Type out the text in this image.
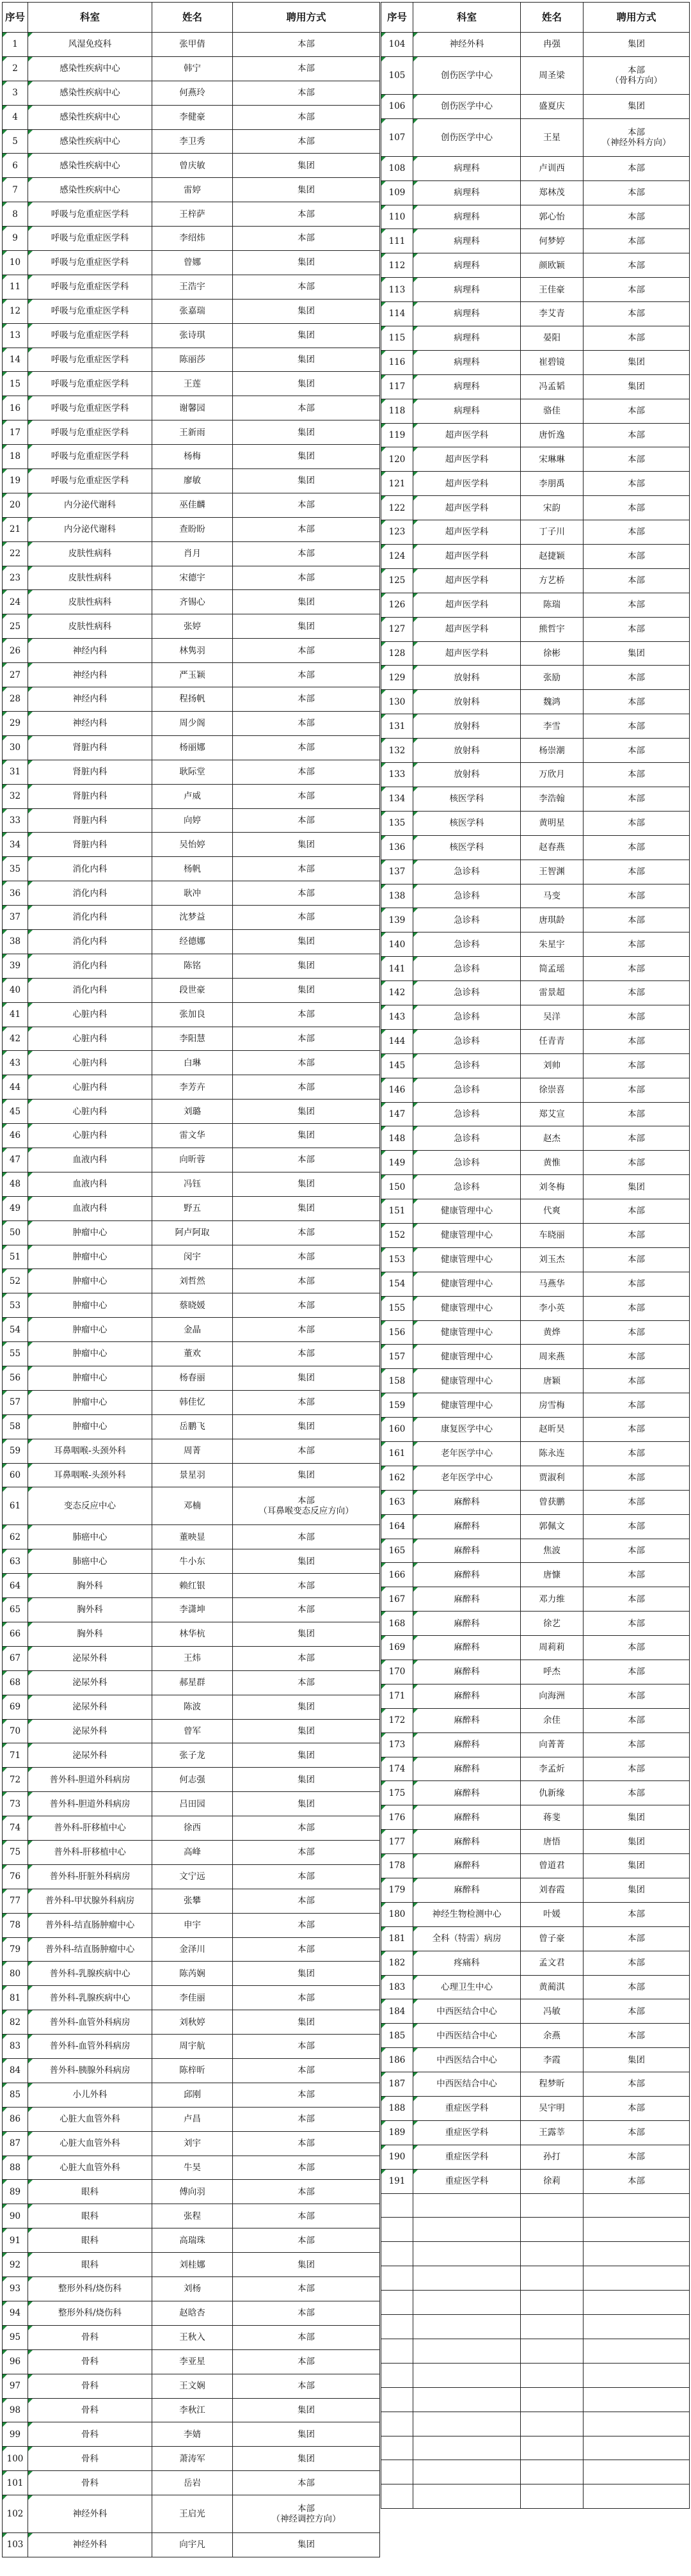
序号	科室	姓名	聘用方式
1	风湿免疫科	张甲倩	本部
2	感染性疾病中心	韩宁	本部
3	感染性疾病中心	何燕玲	本部
4	感染性疾病中心	李健豪	本部
5	感染性疾病中心	李卫秀	本部
6	感染性疾病中心	曾庆敏	集团
7	感染性疾病中心	雷婷	集团
8	呼吸与危重症医学科	王梓萨	本部
9	呼吸与危重症医学科	李绍炜	本部
10	呼吸与危重症医学科	曾娜	集团
11	呼吸与危重症医学科	王浩宇	本部
12	呼吸与危重症医学科	张嘉瑞	集团
13	呼吸与危重症医学科	张诗琪	集团
14	呼吸与危重症医学科	陈丽莎	集团
15	呼吸与危重症医学科	王莲	集团
16	呼吸与危重症医学科	谢馨园	本部
17	呼吸与危重症医学科	王新雨	集团
18	呼吸与危重症医学科	杨梅	集团
19	呼吸与危重症医学科	廖敏	集团
20	内分泌代谢科	巫佳麟	本部
21	内分泌代谢科	查盼盼	本部
22	皮肤性病科	肖月	本部
23	皮肤性病科	宋德宇	本部
24	皮肤性病科	齐锡心	集团
25	皮肤性病科	张婷	集团
26	神经内科	林隽羽	本部
27	神经内科	严玉颖	本部
28	神经内科	程扬帆	本部
29	神经内科	周少阁	本部
30	肾脏内科	杨丽娜	本部
31	肾脏内科	耿际堂	本部
32	肾脏内科	卢威	本部
33	肾脏内科	向婷	本部
34	肾脏内科	吴怡婷	集团
35	消化内科	杨帆	本部
36	消化内科	耿冲	本部
37	消化内科	沈梦益	本部
38	消化内科	经德娜	集团
39	消化内科	陈铭	集团
40	消化内科	段世豪	集团
41	心脏内科	张加良	本部
42	心脏内科	李阳慧	本部
43	心脏内科	白琳	本部
44	心脏内科	李芳卉	本部
45	心脏内科	刘璐	集团
46	心脏内科	雷文华	集团
47	血液内科	向昕蓉	本部
48	血液内科	冯钰	集团
49	血液内科	野五	集团
50	肿瘤中心	阿卢阿取	本部
51	肿瘤中心	闵宇	本部
52	肿瘤中心	刘哲然	本部
53	肿瘤中心	蔡晓媛	本部
54	肿瘤中心	金晶	本部
55	肿瘤中心	董欢	本部
56	肿瘤中心	杨春丽	集团
57	肿瘤中心	韩佳忆	本部
58	肿瘤中心	岳鹏飞	集团
59	耳鼻咽喉-头颈外科	周菁	本部
60	耳鼻咽喉-头颈外科	景星羽	集团
61	变态反应中心	邓楠	本部
（耳鼻喉变态反应方向）

62	肺癌中心	董映显	本部
63	肺癌中心	牛小东	集团
64	胸外科	赖红银	本部
65	胸外科	李潇坤	本部
66	胸外科	林华杭	集团
67	泌尿外科	王炜	本部
68	泌尿外科	郝星群	本部
69	泌尿外科	陈波	集团
70	泌尿外科	曾军	集团
71	泌尿外科	张子龙	集团
72	普外科-胆道外科病房	何志强	集团
73	普外科-胆道外科病房	吕田园	集团
74	普外科-肝移植中心	徐西	本部
75	普外科-肝移植中心	高峰	本部
76	普外科-肝脏外科病房	文宁远	本部
77	普外科-甲状腺外科病房	张攀	本部
78	普外科-结直肠肿瘤中心	申宇	本部
79	普外科-结直肠肿瘤中心	金泽川	本部
80	普外科-乳腺疾病中心	陈芮娴	集团
81	普外科-乳腺疾病中心	李佳丽	本部
82	普外科-血管外科病房	刘秋婷	集团
83	普外科-血管外科病房	周宇航	本部
84	普外科-胰腺外科病房	陈梓昕	本部
85	小儿外科	邱刚	本部
86	心脏大血管外科	卢昌	本部
87	心脏大血管外科	刘宇	本部
88	心脏大血管外科	牛昊	本部
89	眼科	傅向羽	本部
90	眼科	张程	本部
91	眼科	高瑞珠	本部
92	眼科	刘桂娜	集团
93	整形外科/烧伤科	刘杨	本部
94	整形外科/烧伤科	赵晗杏	本部
95	骨科	王秋入	本部
96	骨科	李亚星	本部
97	骨科	王文娴	本部
98	骨科	李秋江	集团
99	骨科	李婧	集团
100	骨科	萧涛军	集团
101	骨科	岳岩	本部
102	神经外科	王启光	本部
（神经调控方向）

103	神经外科	向宇凡	集团
序号	科室	姓名	聘用方式
104	神经外科	冉强	集团
105	创伤医学中心	周圣梁	本部
（骨科方向）

106	创伤医学中心	盛夏庆	集团
107	创伤医学中心	王星	本部
（神经外科方向）

108	病理科	卢训西	本部
109	病理科	郑林茂	本部
110	病理科	郭心怡	本部
111	病理科	何梦婷	本部
112	病理科	颜欧颖	本部
113	病理科	王佳豪	本部
114	病理科	李艾青	本部
115	病理科	晏阳	本部
116	病理科	崔碧镜	集团
117	病理科	冯孟韬	集团
118	病理科	骆佳	本部
119	超声医学科	唐忻逸	本部
120	超声医学科	宋琳琳	本部
121	超声医学科	李朋禹	本部
122	超声医学科	宋韵	本部
123	超声医学科	丁子川	本部
124	超声医学科	赵捷颖	本部
125	超声医学科	方艺桥	本部
126	超声医学科	陈瑞	本部
127	超声医学科	熊哲宇	本部
128	超声医学科	徐彬	集团
129	放射科	张励	本部
130	放射科	魏鸿	本部
131	放射科	李雪	本部
132	放射科	杨崇潮	本部
133	放射科	万欣月	本部
134	核医学科	李浩翰	本部
135	核医学科	黄明星	本部
136	核医学科	赵春燕	本部
137	急诊科	王智渊	本部
138	急诊科	马变	本部
139	急诊科	唐琪龄	本部
140	急诊科	朱星宇	本部
141	急诊科	简孟瑶	本部
142	急诊科	雷景超	本部
143	急诊科	吴洋	本部
144	急诊科	任青青	本部
145	急诊科	刘帅	本部
146	急诊科	徐崇喜	本部
147	急诊科	郑艾宣	本部
148	急诊科	赵杰	本部
149	急诊科	黄惟	本部
150	急诊科	刘冬梅	集团
151	健康管理中心	代爽	本部
152	健康管理中心	车晓丽	本部
153	健康管理中心	刘玉杰	本部
154	健康管理中心	马燕华	本部
155	健康管理中心	李小英	本部
156	健康管理中心	黄烨	本部
157	健康管理中心	周来燕	本部
158	健康管理中心	唐颖	本部
159	健康管理中心	房雪梅	本部
160	康复医学中心	赵昕昊	本部
161	老年医学中心	陈永连	本部
162	老年医学中心	贾淑利	本部
163	麻醉科	曾获鹏	本部
164	麻醉科	郭佩文	本部
165	麻醉科	焦波	本部
166	麻醉科	唐慷	本部
167	麻醉科	邓力维	本部
168	麻醉科	徐艺	本部
169	麻醉科	周莉莉	本部
170	麻醉科	呼杰	本部
171	麻醉科	向海洲	本部
172	麻醉科	余佳	本部
173	麻醉科	向菁菁	本部
174	麻醉科	李孟炘	本部
175	麻醉科	仇新缘	本部
176	麻醉科	蒋斐	集团
177	麻醉科	唐悟	集团
178	麻醉科	曾道君	集团
179	麻醉科	刘春霞	集团
180	神经生物检测中心	叶媛	本部
181	全科（特需）病房	曾子豪	本部
182	疼痛科	孟文君	本部
183	心理卫生中心	黄蔺淇	本部
184	中西医结合中心	冯敏	本部
185	中西医结合中心	余燕	本部
186	中西医结合中心	李霞	集团
187	中西医结合中心	程梦昕	本部
188	重症医学科	吴宇明	本部
189	重症医学科	王露莘	本部
190	重症医学科	孙打	本部
191	重症医学科	徐莉	本部
